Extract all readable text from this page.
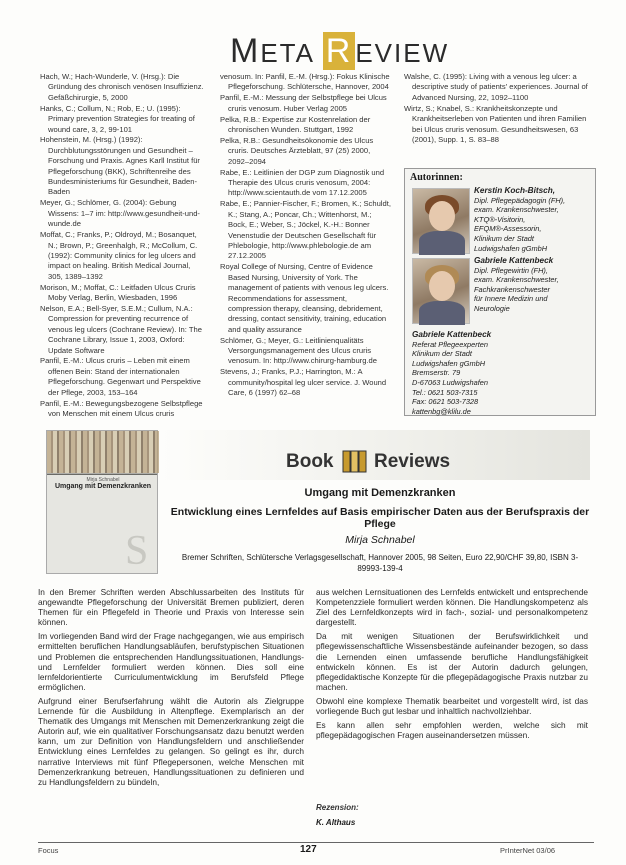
META R EVIEW

Hach, W.; Hach-Wunderle, V. (Hrsg.): Die Gründung des chronisch venösen Insuffizienz. Gefäßchirurgie, 5, 2000

Hanks, C.; Collum, N.; Rob, E.; U. (1995): Primary prevention Strategies for treating of wound care, 3, 2, 99-101

Hohenstein, M. (Hrsg.) (1992): Durchblutungsstörungen und Gesundheit – Forschung und Praxis. Agnes Karll Institut für Pflegeforschung (BKK), Schriftenreihe des Bundesministeriums für Gesundheit, Baden-Baden

Meyer, G.; Schlömer, G. (2004): Gebung Wissens: 1–7 im: http://www.gesundheit-und-wunde.de

Moffat, C.; Franks, P.; Oldroyd, M.; Bosanquet, N.; Brown, P.; Greenhalgh, R.; McCollum, C. (1992): Community clinics for leg ulcers and impact on healing. British Medical Journal, 305, 1389–1392

Morison, M.; Moffat, C.: Leitfaden Ulcus Cruris Moby Verlag, Berlin, Wiesbaden, 1996

Nelson, E.A.; Bell-Syer, S.E.M.; Cullum, N.A.: Compression for preventing recurrence of venous leg ulcers (Cochrane Review). In: The Cochrane Library, Issue 1, 2003, Oxford: Update Software

Panfil, E.-M.: Ulcus cruris – Leben mit einem offenen Bein: Stand der internationalen Pflegeforschung. Gegenwart und Perspektive der Pflege, 2003, 153–164

Panfil, E.-M.: Bewegungsbezogene Selbstpflege von Menschen mit einem Ulcus cruris

venosum. In: Panfil, E.-M. (Hrsg.): Fokus Klinische Pflegeforschung. Schlütersche, Hannover, 2004

Panfil, E.-M.: Messung der Selbstpflege bei Ulcus cruris venosum. Huber Verlag 2005

Pelka, R.B.: Expertise zur Kostenrelation der chronischen Wunden. Stuttgart, 1992

Pelka, R.B.: Gesundheitsökonomie des Ulcus cruris. Deutsches Ärzteblatt, 97 (25) 2000, 2092–2094

Rabe, E.: Leitlinien der DGP zum Diagnostik und Therapie des Ulcus cruris venosum, 2004: http://www.scientauth.de vom 17.12.2005

Rabe, E.; Pannier-Fischer, F.; Bromen, K.; Schuldt, K.; Stang, A.; Poncar, Ch.; Wittenhorst, M.; Bock, E.; Weber, S.; Jöckel, K.-H.: Bonner Venenstudie der Deutschen Gesellschaft für Phlebologie, http://www.phlebologie.de am 27.12.2005

Royal College of Nursing, Centre of Evidence Based Nursing, University of York. The management of patients with venous leg ulcers. Recommendations for assessment, compression therapy, cleansing, debridement, dressing, contact sensitivity, training, education and quality assurance

Schlömer, G.; Meyer, G.: Leitlinienqualitäts Versorgungsmanagement des Ulcus cruris venosum. In: http://www.chirurg-hamburg.de

Stevens, J.; Franks, P.J.; Harrington, M.: A community/hospital leg ulcer service. J. Wound Care, 6 (1997) 62–68

Walshe, C. (1995): Living with a venous leg ulcer: a descriptive study of patients' experiences. Journal of Advanced Nursing, 22, 1092–1100

Wirtz, S.; Knabel, S.: Krankheitskonzepte und Krankheitserleben von Patienten und ihren Familien bei Ulcus cruris venosum. Gesundheitswesen, 63 (2001), Supp. 1, S. 83–88

Autorinnen:
Kerstin Koch-Bitsch,
Dipl. Pflegepädagogin (FH),
exam. Krankenschwester,
KTQ®-Visitorin,
EFQM®-Assessorin,
Klinikum der Stadt
Ludwigshafen gGmbH
Gabriele Kattenbeck
Dipl. Pflegewirtin (FH),
exam. Krankenschwester,
Fachkrankenschwester
für Innere Medizin und
Neurologie
Gabriele Kattenbeck
Referat Pflegeexperten
Klinikum der Stadt
Ludwigshafen gGmbH
Bremserstr. 79
D-67063 Ludwigshafen
Tel.: 0621 503-7315
Fax: 0621 503-7328
kattenbg@klilu.de
Mirja Schnabel
Umgang mit Demenzkranken
S
Book Reviews
Umgang mit Demenzkranken
Entwicklung eines Lernfeldes auf Basis empirischer Daten aus der Berufspraxis der Pflege
Mirja Schnabel
Bremer Schriften, Schlütersche Verlagsgesellschaft, Hannover 2005, 98 Seiten, Euro 22,90/CHF 39,80, ISBN 3-89993-139-4

In den Bremer Schriften werden Abschlussarbeiten des Instituts für angewandte Pflegeforschung der Universität Bremen publiziert, deren Themen für ein Pflegefeld in Theorie und Praxis von Interesse sein können.

Im vorliegenden Band wird der Frage nachgegangen, wie aus empirisch ermittelten beruflichen Handlungsabläufen, berufstypischen Situationen und Problemen die entsprechenden Handlungssituationen, Handlungs- und Lernfelder formuliert werden können. Dies soll eine lernfeldorientierte Curriculumentwicklung im Berufsfeld Pflege ermöglichen.

Aufgrund einer Berufserfahrung wählt die Autorin als Zielgruppe Lernende für die Ausbildung in Altenpflege. Exemplarisch an der Thematik des Umgangs mit Menschen mit Demenzerkrankung zeigt die Autorin auf, wie ein qualitativer Forschungsansatz dazu benutzt werden kann, um zur Definition von Handlungsfeldern und anschließender Entwicklung eines Lernfeldes zu gelangen. So gelingt es ihr, durch narrative Interviews mit fünf Pflegepersonen, welche Menschen mit Demenzerkrankung betreuen, Handlungssituationen zu definieren und zu Handlungsfeldern zu bündeln,

aus welchen Lernsituationen des Lernfelds entwickelt und entsprechende Kompetenzziele formuliert werden können. Die Handlungskompetenz als Ziel des Lernfeldkonzepts wird in fach-, sozial- und personalkompetenz dargestellt.

Da mit wenigen Situationen der Berufswirklichkeit und pflegewissenschaftliche Wissensbestände aufeinander bezogen, so dass die Lernenden einen umfassende berufliche Handlungsfähigkeit entwickeln können. Es ist der Autorin dadurch gelungen, pflegedidaktische Konzepte für die pflegepädagogische Praxis nutzbar zu machen.

Obwohl eine komplexe Thematik bearbeitet und vorgestellt wird, ist das vorliegende Buch gut lesbar und inhaltlich nachvollziehbar.

Es kann allen sehr empfohlen werden, welche sich mit pflegepädagogischen Fragen auseinandersetzen müssen.

Rezension:
K. Althaus
Focus	127	PrInterNet 03/06
